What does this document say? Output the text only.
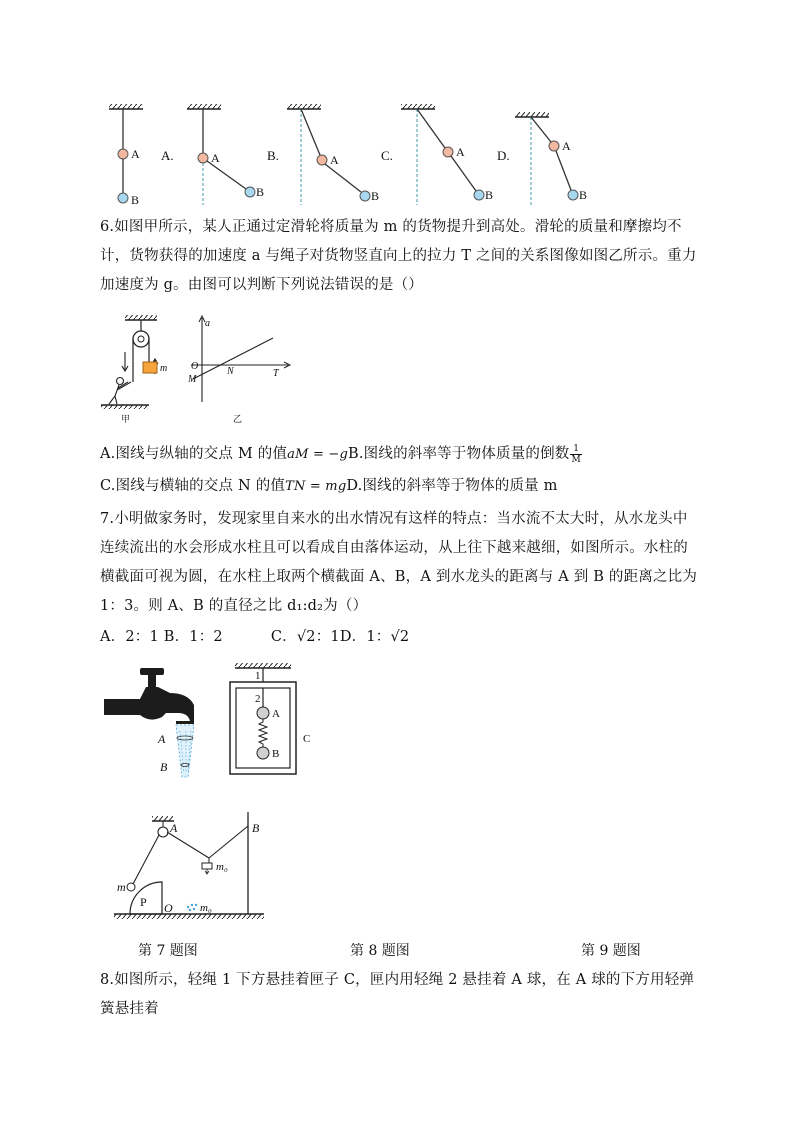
A
B
A.	A
B
B.	A
B
C.	A
B
D.
A
B
6.如图甲所示，某人正通过定滑轮将质量为 m 的货物提升到高处。滑轮的质量和摩擦均不计，货物获得的加速度 a 与绳子对货物竖直向上的拉力 T 之间的关系图像如图乙所示。重力加速度为 g。由图可以判断下列说法错误的是（）
m
甲
a
O
M
N	T
乙
A.图线与纵轴的交点 M 的值aM = −gB.图线的斜率等于物体质量的倒数$\frac{1}{M}$
C.图线与横轴的交点 N 的值TN = mgD.图线的斜率等于物体的质量 m
7.小明做家务时，发现家里自来水的出水情况有这样的特点：当水流不太大时，从水龙头中连续流出的水会形成水柱且可以看成自由落体运动，从上往下越来越细，如图所示。水柱的横截面可视为圆，在水柱上取两个横截面 A、B，A 到水龙头的距离与 A 到 B 的距离之比为 1：3。则 A、B 的直径之比 d₁:d₂为（）
A．2：1 B．1：2	C．√2：1D．1：√2
A
B
1
2
A
B
C
A	B
m
P O
m₀
m₀
第 7 题图	第 8 题图	第 9 题图
8.如图所示，轻绳 1 下方悬挂着匣子 C，匣内用轻绳 2 悬挂着 A 球，在 A 球的下方用轻弹簧悬挂着
